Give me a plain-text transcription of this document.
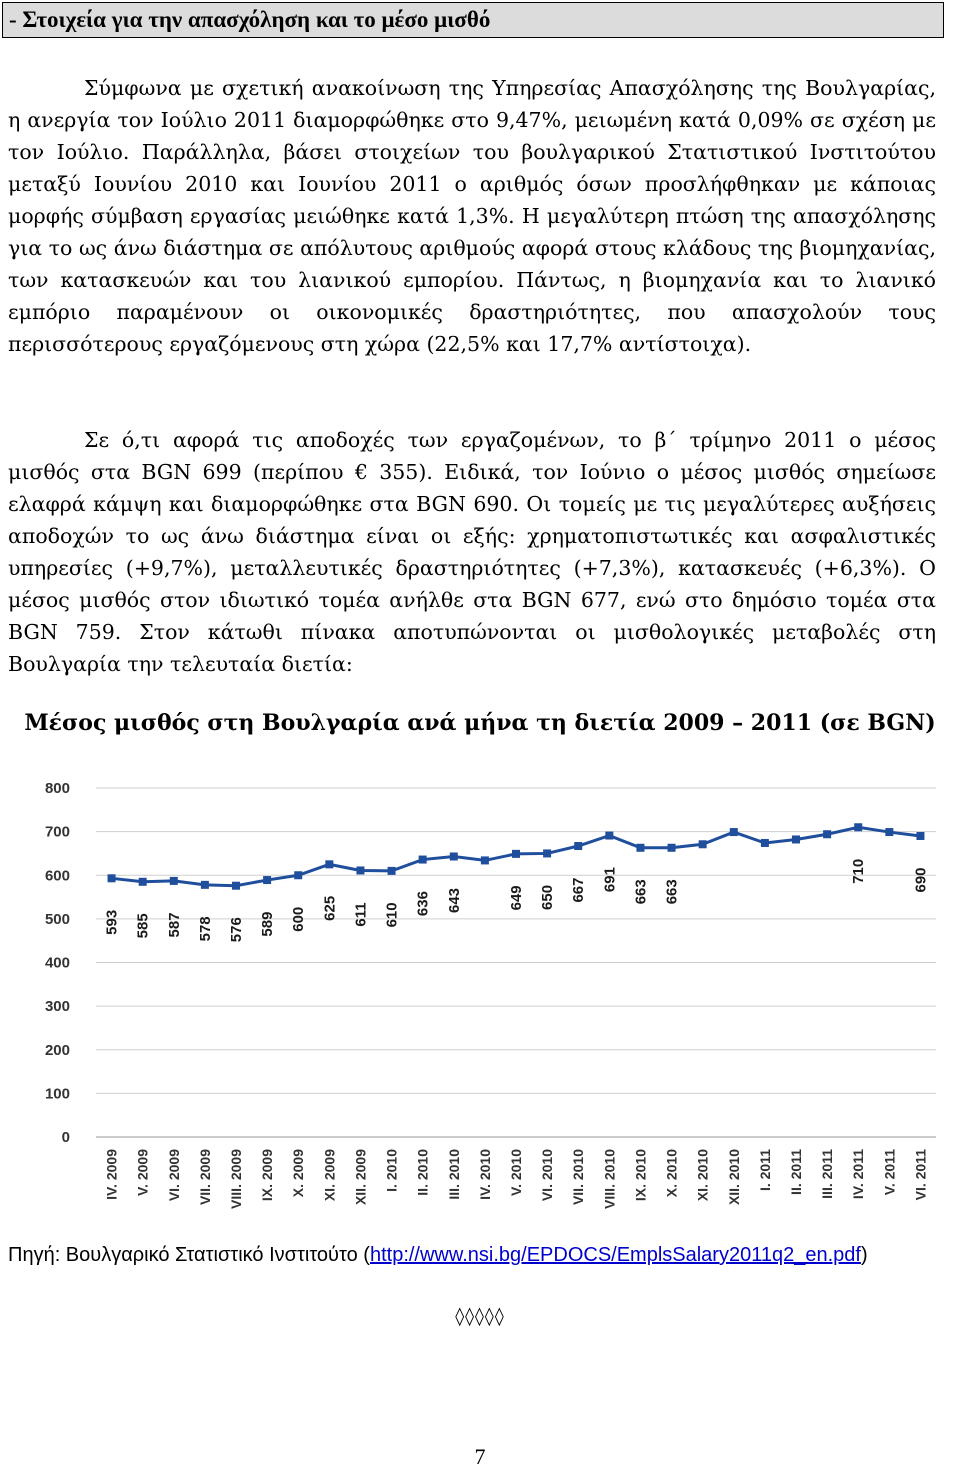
- Στοιχεία για την απασχόληση και το μέσο μισθό

Σύμφωνα με σχετική ανακοίνωση της Υπηρεσίας Απασχόλησης της Βουλγαρίας, η ανεργία τον Ιούλιο 2011 διαμορφώθηκε στο 9,47%, μειωμένη κατά 0,09% σε σχέση με τον Ιούλιο. Παράλληλα, βάσει στοιχείων του βουλγαρικού Στατιστικού Ινστιτούτου μεταξύ Ιουνίου 2010 και Ιουνίου 2011 ο αριθμός όσων προσλήφθηκαν με κάποιας μορφής σύμβαση εργασίας μειώθηκε κατά 1,3%. Η μεγαλύτερη πτώση της απασχόλησης για το ως άνω διάστημα σε απόλυτους αριθμούς αφορά στους κλάδους της βιομηχανίας, των κατασκευών και του λιανικού εμπορίου. Πάντως, η βιομηχανία και το λιανικό εμπόριο παραμένουν οι οικονομικές δραστηριότητες, που απασχολούν τους περισσότερους εργαζόμενους στη χώρα (22,5% και 17,7% αντίστοιχα).

Σε ό,τι αφορά τις αποδοχές των εργαζομένων, το β΄ τρίμηνο 2011 ο μέσος μισθός στα BGN 699 (περίπου € 355). Ειδικά, τον Ιούνιο ο μέσος μισθός σημείωσε ελαφρά κάμψη και διαμορφώθηκε στα BGN 690. Οι τομείς με τις μεγαλύτερες αυξήσεις αποδοχών το ως άνω διάστημα είναι οι εξής: χρηματοπιστωτικές και ασφαλιστικές υπηρεσίες (+9,7%), μεταλλευτικές δραστηριότητες (+7,3%), κατασκευές (+6,3%). Ο μέσος μισθός στον ιδιωτικό τομέα ανήλθε στα BGN 677, ενώ στο δημόσιο τομέα στα BGN 759. Στον κάτωθι πίνακα αποτυπώνονται οι μισθολογικές μεταβολές στη Βουλγαρία την τελευταία διετία:

Μέσος μισθός στη Βουλγαρία ανά μήνα τη διετία 2009 – 2011 (σε BGN)
0
100
200
300
400
500
600
700
800
593
IV. 2009
585
V. 2009
587
VI. 2009
578
VII. 2009
576
VIII. 2009
589
IX. 2009
600
X. 2009
625
XI. 2009
611
XII. 2009
610
I. 2010
636
II. 2010
643
III. 2010 IV. 2010
649
V. 2010
650
VI. 2010
667
VII. 2010
691
VIII. 2010
663
IX. 2010
663
X. 2010 XI. 2010 XII. 2010 I. 2011 II. 2011 III. 2011
710
IV. 2011 V. 2011
690
VI. 2011
Πηγή: Βουλγαρικό Στατιστικό Ινστιτούτο (http://www.nsi.bg/EPDOCS/EmplsSalary2011q2_en.pdf)
◊◊◊◊◊
7
